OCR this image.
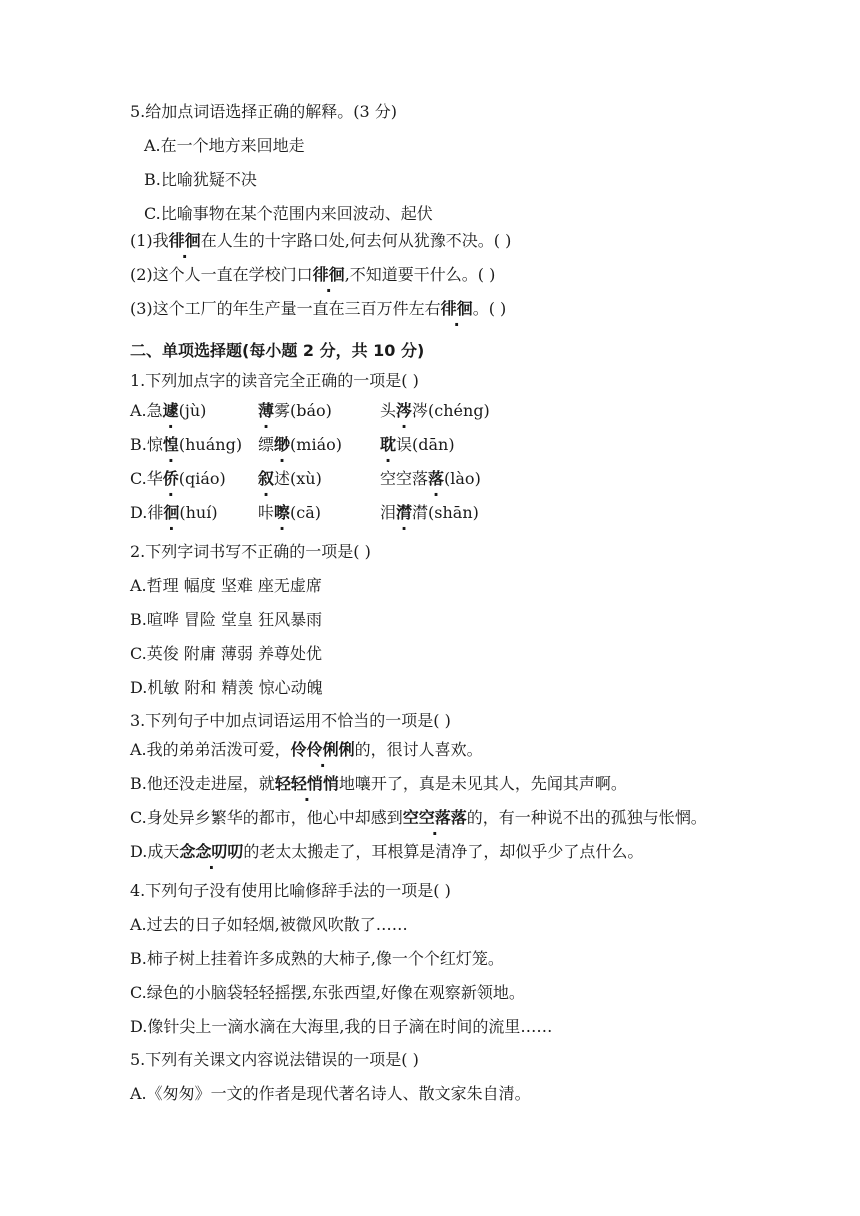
5.给加点词语选择正确的解释。(3 分)
A.在一个地方来回地走
B.比喻犹疑不决
C.比喻事物在某个范围内来回波动、起伏
(1)我徘徊在人生的十字路口处,何去何从犹豫不决。( )
(2)这个人一直在学校门口徘徊,不知道要干什么。( )
(3)这个工厂的年生产量一直在三百万件左右徘徊。( )
二、单项选择题(每小题 2 分，共 10 分)
1.下列加点字的读音完全正确的一项是( )
A.急遽(jù)	薄雾(báo)	头涔涔(chéng)
B.惊惶(huáng) 缥缈(miáo) 耽误(dān)
C.华侨(qiáo) 叙述(xù)	空空落落(lào)
D.徘徊(huí)	咔嚓(cā)	泪潸潸(shān)
2.下列字词书写不正确的一项是( )
A.哲理 幅度 坚难 座无虚席
B.喧哗 冒险 堂皇 狂风暴雨
C.英俊 附庸 薄弱 养尊处优
D.机敏 附和 精羡 惊心动魄
3.下列句子中加点词语运用不恰当的一项是( )
A.我的弟弟活泼可爱，伶伶俐俐的，很讨人喜欢。
B.他还没走进屋，就轻轻悄悄地嚷开了，真是未见其人，先闻其声啊。
C.身处异乡繁华的都市，他心中却感到空空落落的，有一种说不出的孤独与怅惘。
D.成天念念叨叨的老太太搬走了，耳根算是清净了，却似乎少了点什么。
4.下列句子没有使用比喻修辞手法的一项是( )
A.过去的日子如轻烟,被微风吹散了……
B.柿子树上挂着许多成熟的大柿子,像一个个红灯笼。
C.绿色的小脑袋轻轻摇摆,东张西望,好像在观察新领地。
D.像针尖上一滴水滴在大海里,我的日子滴在时间的流里……
5.下列有关课文内容说法错误的一项是( )
A.《匆匆》一文的作者是现代著名诗人、散文家朱自清。
